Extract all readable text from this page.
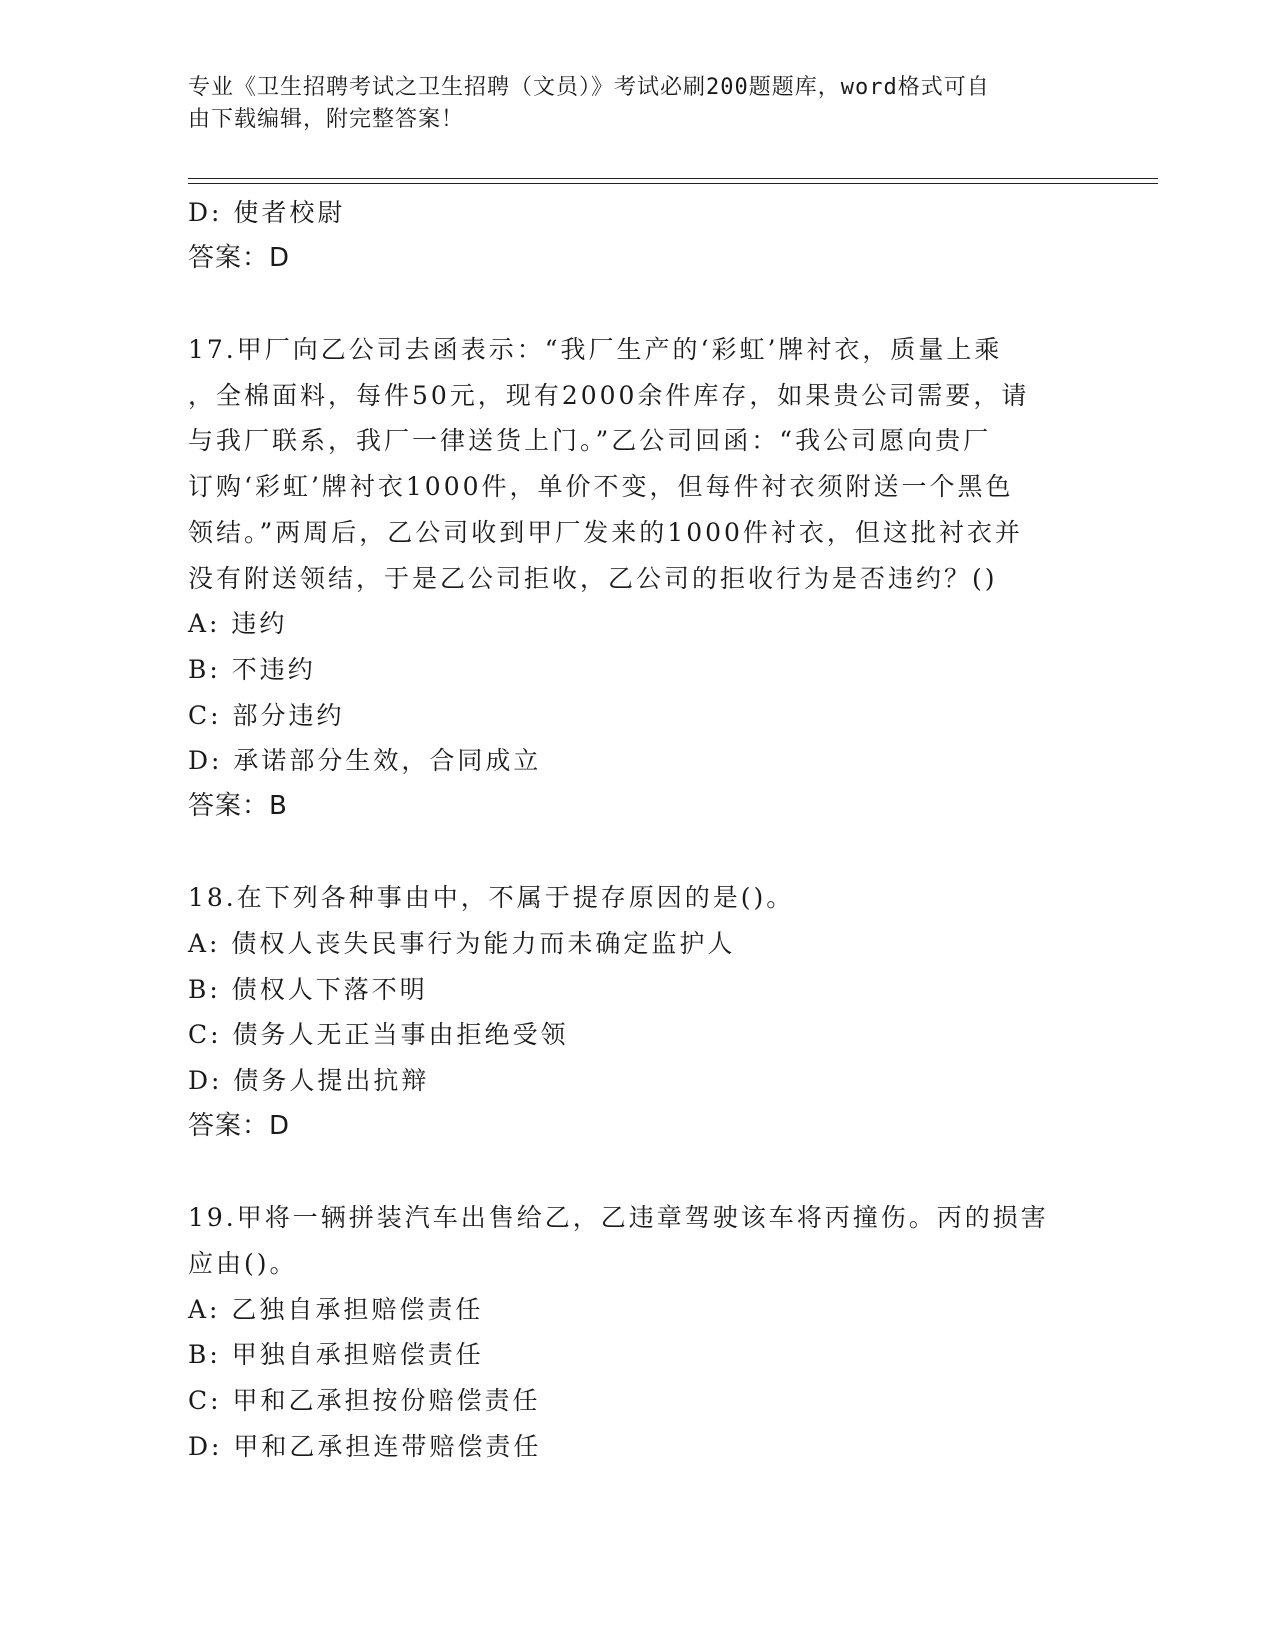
专业《卫生招聘考试之卫生招聘（文员）》考试必刷200题题库，word格式可自
由下载编辑，附完整答案！
D: 使者校尉
答案：D
17.甲厂向乙公司去函表示：“我厂生产的‘彩虹’牌衬衣，质量上乘
，全棉面料，每件50元，现有2000余件库存，如果贵公司需要，请
与我厂联系，我厂一律送货上门。”乙公司回函：“我公司愿向贵厂
订购‘彩虹’牌衬衣1000件，单价不变，但每件衬衣须附送一个黑色
领结。”两周后，乙公司收到甲厂发来的1000件衬衣，但这批衬衣并
没有附送领结，于是乙公司拒收，乙公司的拒收行为是否违约？()
A: 违约
B: 不违约
C: 部分违约
D: 承诺部分生效，合同成立
答案：B
18.在下列各种事由中，不属于提存原因的是()。
A: 债权人丧失民事行为能力而未确定监护人
B: 债权人下落不明
C: 债务人无正当事由拒绝受领
D: 债务人提出抗辩
答案：D
19.甲将一辆拼装汽车出售给乙，乙违章驾驶该车将丙撞伤。丙的损害
应由()。
A: 乙独自承担赔偿责任
B: 甲独自承担赔偿责任
C: 甲和乙承担按份赔偿责任
D: 甲和乙承担连带赔偿责任
